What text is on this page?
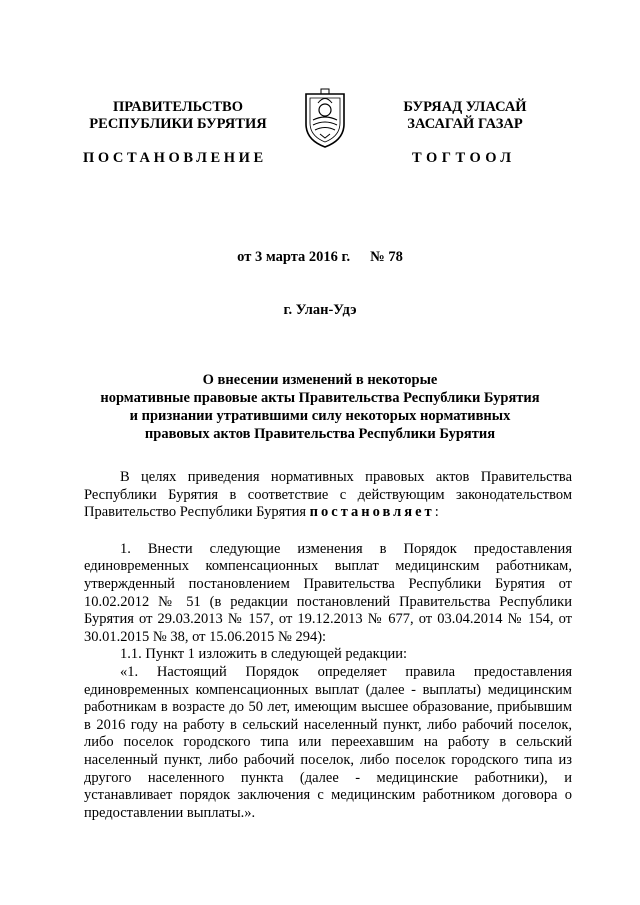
ПРАВИТЕЛЬСТВО
РЕСПУБЛИКИ БУРЯТИЯ
БУРЯАД УЛАСАЙ
ЗАСАГАЙ ГАЗАР
ПОСТАНОВЛЕНИЕ	ТОГТООЛ
от 3 марта 2016 г. № 78
г. Улан-Удэ
О внесении изменений в некоторые
нормативные правовые акты Правительства Республики Бурятия
и признании утратившими силу некоторых нормативных
правовых актов Правительства Республики Бурятия

В целях приведения нормативных правовых актов Правительства Республики Бурятия в соответствие с действующим законодательством Правительство Республики Бурятия постановляет:

1. Внести следующие изменения в Порядок предоставления единовременных компенсационных выплат медицинским работникам, утвержденный постановлением Правительства Республики Бурятия от 10.02.2012 № 51 (в редакции постановлений Правительства Республики Бурятия от 29.03.2013 № 157, от 19.12.2013 № 677, от 03.04.2014 № 154, от 30.01.2015 № 38, от 15.06.2015 № 294):

1.1. Пункт 1 изложить в следующей редакции:

«1. Настоящий Порядок определяет правила предоставления единовременных компенсационных выплат (далее - выплаты) медицинским работникам в возрасте до 50 лет, имеющим высшее образование, прибывшим в 2016 году на работу в сельский населенный пункт, либо рабочий поселок, либо поселок городского типа или переехавшим на работу в сельский населенный пункт, либо рабочий поселок, либо поселок городского типа из другого населенного пункта (далее - медицинские работники), и устанавливает порядок заключения с медицинским работником договора о предоставлении выплаты.».
